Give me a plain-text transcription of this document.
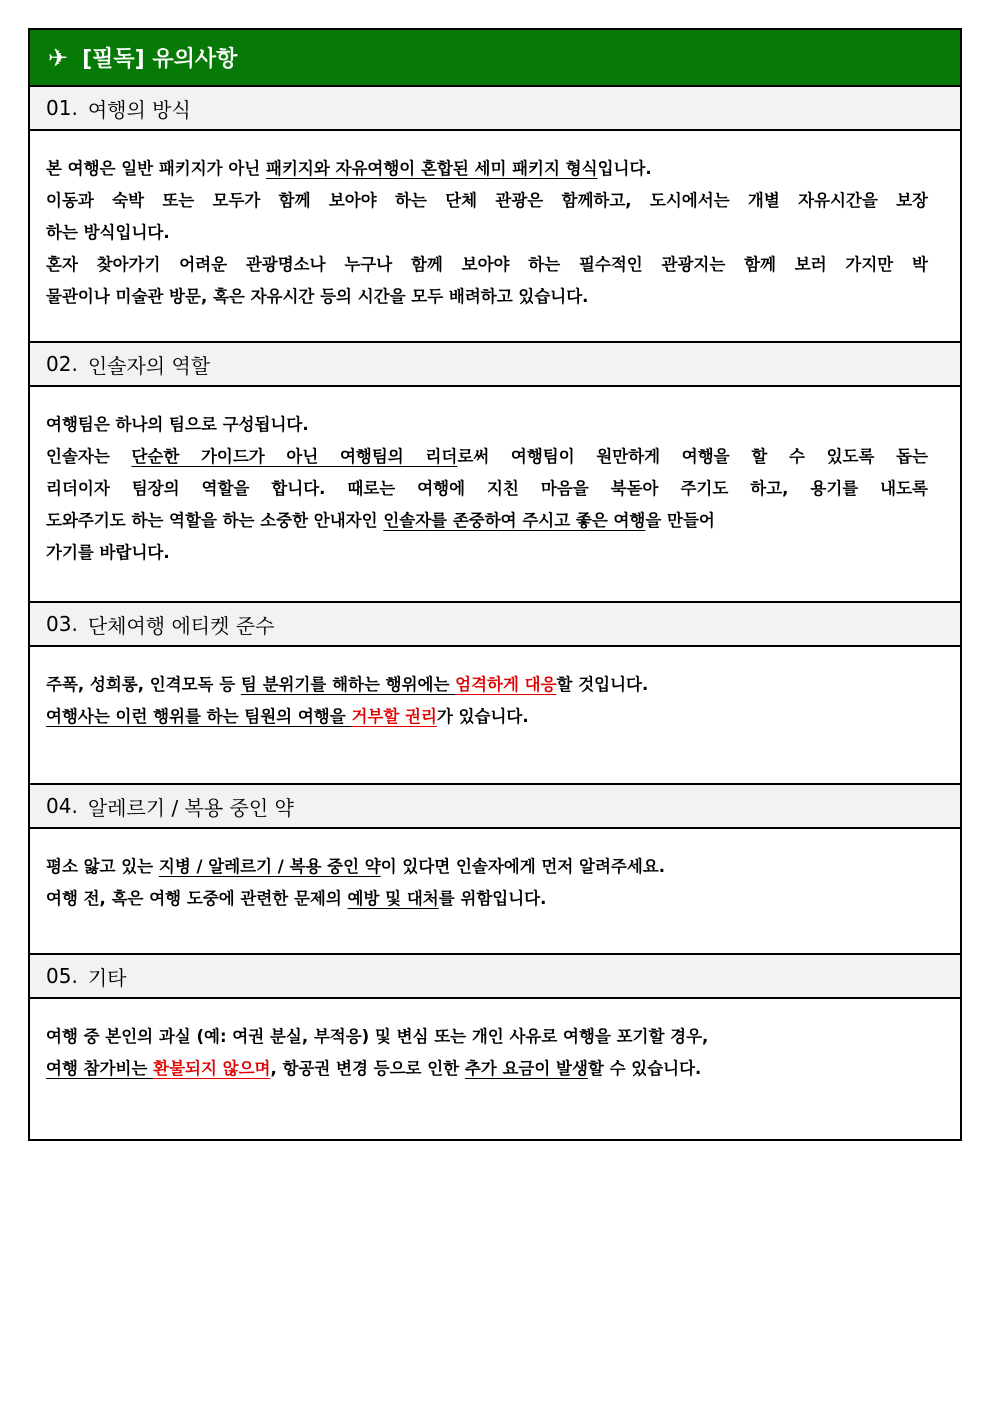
✈ [필독] 유의사항
01. 여행의 방식
본 여행은 일반 패키지가 아닌 패키지와 자유여행이 혼합된 세미 패키지 형식입니다.
이동과 숙박 또는 모두가 함께 보아야 하는 단체 관광은 함께하고, 도시에서는 개별 자유시간을 보장
하는 방식입니다.
혼자 찾아가기 어려운 관광명소나 누구나 함께 보아야 하는 필수적인 관광지는 함께 보러 가지만 박
물관이나 미술관 방문, 혹은 자유시간 등의 시간을 모두 배려하고 있습니다.
02. 인솔자의 역할
여행팀은 하나의 팀으로 구성됩니다.
인솔자는 단순한 가이드가 아닌 여행팀의 리더로써 여행팀이 원만하게 여행을 할 수 있도록 돕는
리더이자 팀장의 역할을 합니다. 때로는 여행에 지친 마음을 북돋아 주기도 하고, 용기를 내도록
도와주기도 하는 역할을 하는 소중한 안내자인 인솔자를 존중하여 주시고 좋은 여행을 만들어
가기를 바랍니다.
03. 단체여행 에티켓 준수
주폭, 성희롱, 인격모독 등 팀 분위기를 해하는 행위에는 엄격하게 대응할 것입니다.
여행사는 이런 행위를 하는 팀원의 여행을 거부할 권리가 있습니다.
04. 알레르기 / 복용 중인 약
평소 앓고 있는 지병 / 알레르기 / 복용 중인 약이 있다면 인솔자에게 먼저 알려주세요.
여행 전, 혹은 여행 도중에 관련한 문제의 예방 및 대처를 위함입니다.
05. 기타
여행 중 본인의 과실 (예: 여권 분실, 부적응) 및 변심 또는 개인 사유로 여행을 포기할 경우,
여행 참가비는 환불되지 않으며, 항공권 변경 등으로 인한 추가 요금이 발생할 수 있습니다.
